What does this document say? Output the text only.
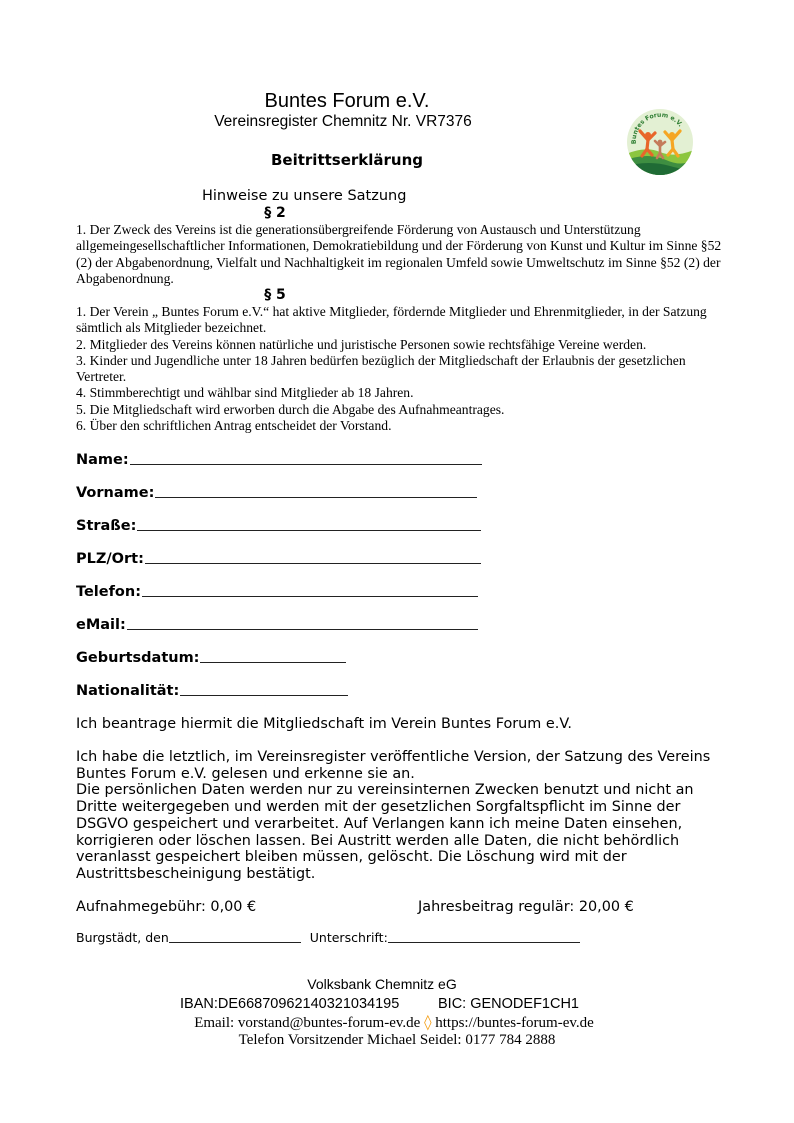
Buntes Forum e.V.
Vereinsregister Chemnitz Nr. VR7376
Beitrittserklärung
Buntes Forum e.V.
Hinweise zu unsere Satzung
§ 2
1. Der Zweck des Vereins ist die generationsübergreifende Förderung von Austausch und Unterstützung allgemeingesellschaftlicher Informationen, Demokratiebildung und der Förderung von Kunst und Kultur im Sinne §52 (2) der Abgabenordnung, Vielfalt und Nachhaltigkeit im regionalen Umfeld sowie Umweltschutz im Sinne §52 (2) der Abgabenordnung.
§ 5
1. Der Verein „ Buntes Forum e.V.“ hat aktive Mitglieder, fördernde Mitglieder und Ehrenmitglieder, in der Satzung sämtlich als Mitglieder bezeichnet.
2. Mitglieder des Vereins können natürliche und juristische Personen sowie rechtsfähige Vereine werden.
3. Kinder und Jugendliche unter 18 Jahren bedürfen bezüglich der Mitgliedschaft der Erlaubnis der gesetzlichen Vertreter.
4. Stimmberechtigt und wählbar sind Mitglieder ab 18 Jahren.
5. Die Mitgliedschaft wird erworben durch die Abgabe des Aufnahmeantrages.
6. Über den schriftlichen Antrag entscheidet der Vorstand.
Name:
Vorname:
Straße:
PLZ/Ort:
Telefon:
eMail:
Geburtsdatum:
Nationalität:
Ich beantrage hiermit die Mitgliedschaft im Verein Buntes Forum e.V.
Ich habe die letztlich, im Vereinsregister veröffentliche Version, der Satzung des Vereins Buntes Forum e.V. gelesen und erkenne sie an.
Die persönlichen Daten werden nur zu vereinsinternen Zwecken benutzt und nicht an Dritte weitergegeben und werden mit der gesetzlichen Sorgfaltspflicht im Sinne der DSGVO gespeichert und verarbeitet. Auf Verlangen kann ich meine Daten einsehen, korrigieren oder löschen lassen. Bei Austritt werden alle Daten, die nicht behördlich veranlasst gespeichert bleiben müssen, gelöscht. Die Löschung wird mit der Austrittsbescheinigung bestätigt.
Aufnahmegebühr: 0,00 €	Jahresbeitrag regulär: 20,00 €
Burgstädt, den	Unterschrift:
Volksbank Chemnitz eG
IBAN:DE66870962140321034195	BIC: GENODEF1CH1
Email: vorstand@buntes-forum-ev.de ◊ https://buntes-forum-ev.de
Telefon Vorsitzender Michael Seidel: 0177 784 2888
